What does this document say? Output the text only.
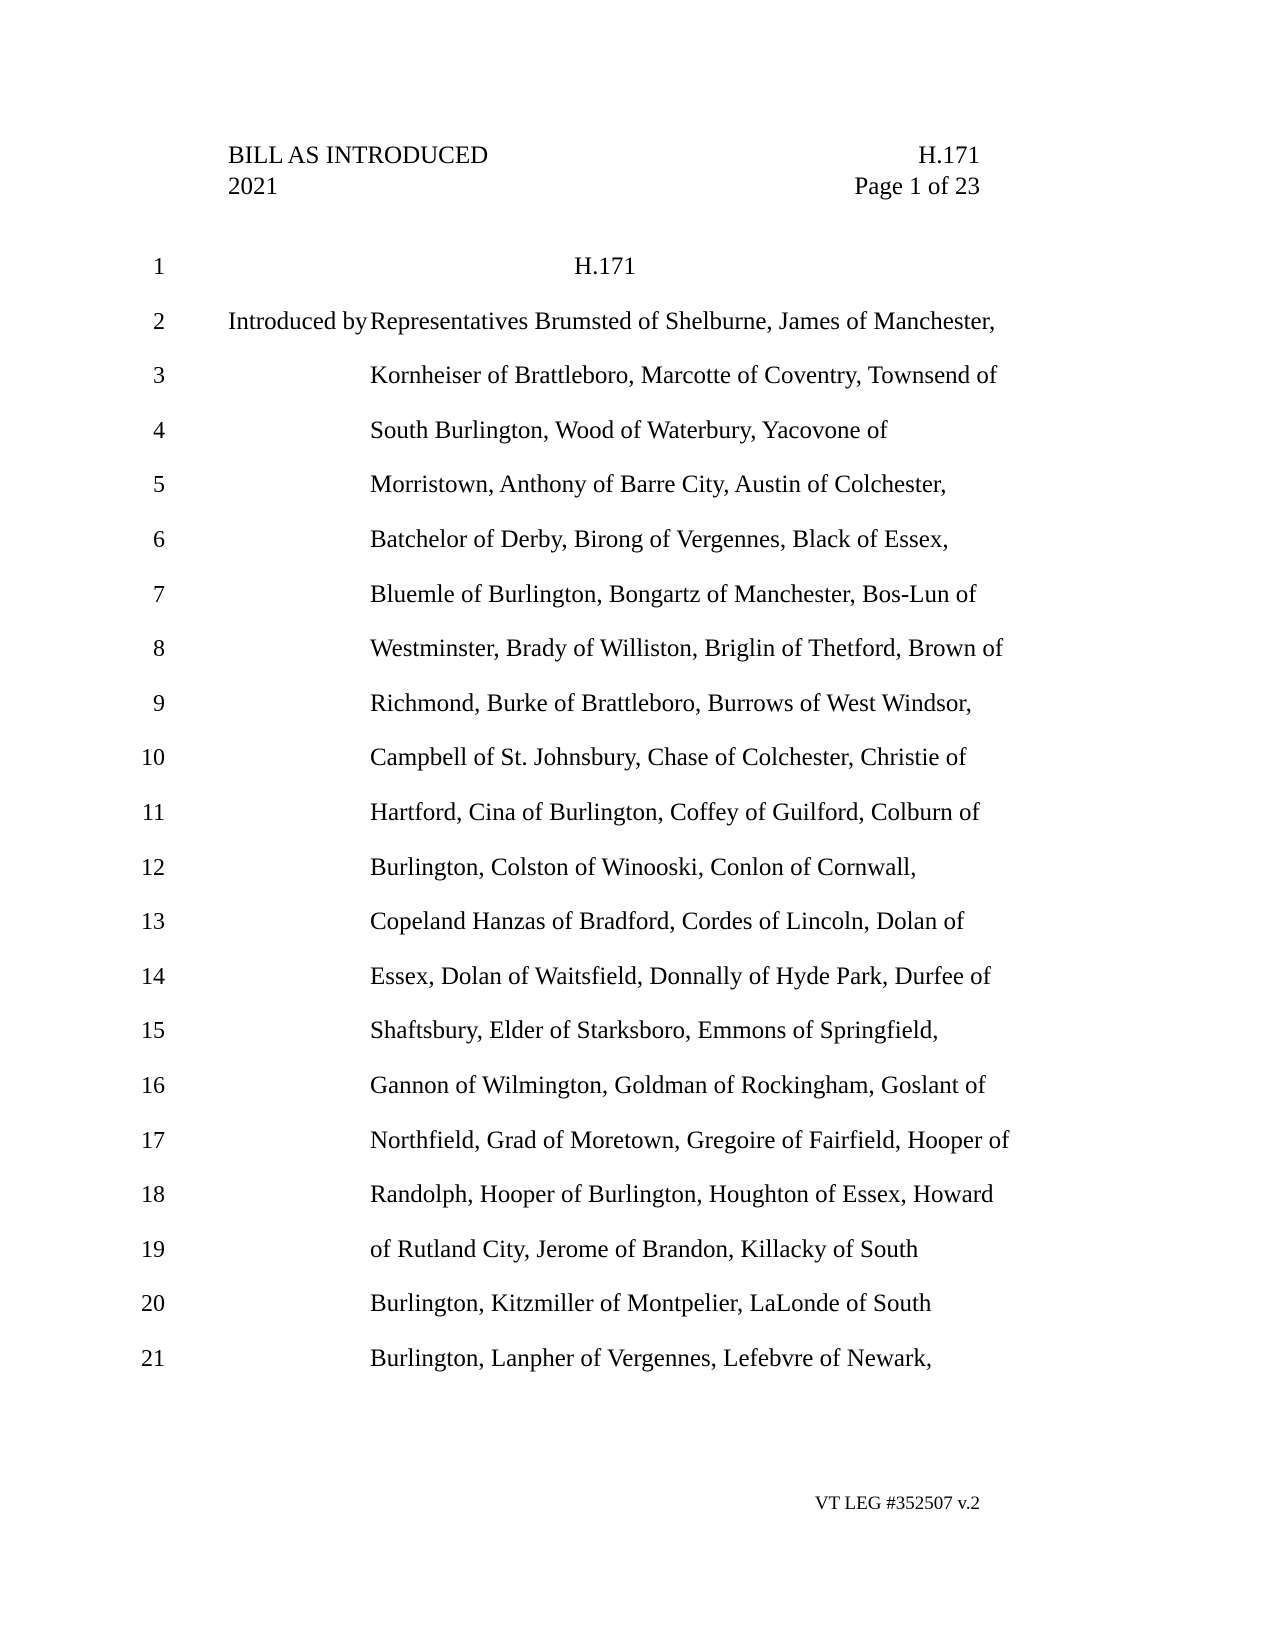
BILL AS INTRODUCED	H.171
2021	Page 1 of 23
1	H.171
2	Introduced by Representatives Brumsted of Shelburne, James of Manchester,
3	Kornheiser of Brattleboro, Marcotte of Coventry, Townsend of
4	South Burlington, Wood of Waterbury, Yacovone of
5	Morristown, Anthony of Barre City, Austin of Colchester,
6	Batchelor of Derby, Birong of Vergennes, Black of Essex,
7	Bluemle of Burlington, Bongartz of Manchester, Bos-Lun of
8	Westminster, Brady of Williston, Briglin of Thetford, Brown of
9	Richmond, Burke of Brattleboro, Burrows of West Windsor,
10	Campbell of St. Johnsbury, Chase of Colchester, Christie of
11	Hartford, Cina of Burlington, Coffey of Guilford, Colburn of
12	Burlington, Colston of Winooski, Conlon of Cornwall,
13	Copeland Hanzas of Bradford, Cordes of Lincoln, Dolan of
14	Essex, Dolan of Waitsfield, Donnally of Hyde Park, Durfee of
15	Shaftsbury, Elder of Starksboro, Emmons of Springfield,
16	Gannon of Wilmington, Goldman of Rockingham, Goslant of
17	Northfield, Grad of Moretown, Gregoire of Fairfield, Hooper of
18	Randolph, Hooper of Burlington, Houghton of Essex, Howard
19	of Rutland City, Jerome of Brandon, Killacky of South
20	Burlington, Kitzmiller of Montpelier, LaLonde of South
21	Burlington, Lanpher of Vergennes, Lefebvre of Newark,
VT LEG #352507 v.2
